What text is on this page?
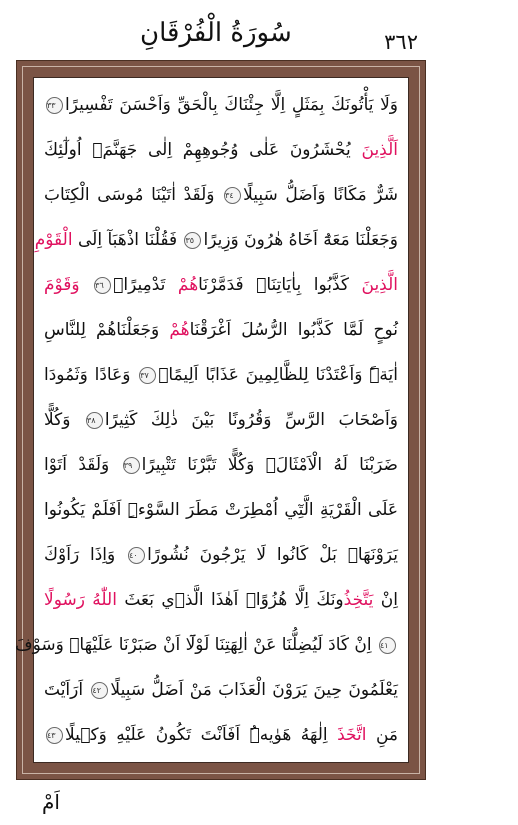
سُورَةُ الْفُرْقَانِ	٣٦٢
وَلَا يَأْتُونَكَ بِمَثَلٍ اِلَّا جِئْنَاكَ بِالْحَقِّ وَاَحْسَنَ تَفْسِيرًا٣٣
اَلَّذِينَ يُحْشَرُونَ عَلٰى وُجُوهِهِمْ اِلٰى جَهَنَّمَۙ اُولٰٓئِكَ
شَرٌّ مَكَانًا وَاَضَلُّ سَبِيلًا٣٤ وَلَقَدْ اٰتَيْنَا مُوسَى الْكِتَابَ
وَجَعَلْنَا مَعَهُٓ اَخَاهُ هٰرُونَ وَزِيرًا٣٥ فَقُلْنَا اذْهَبَآ اِلَى الْقَوْمِ
الَّذِينَ كَذَّبُوا بِاٰيَاتِنَاۜ فَدَمَّرْنَاهُمْ تَدْمِيرًاۜ٣٦ وَقَوْمَ
نُوحٍ لَمَّا كَذَّبُوا الرُّسُلَ اَغْرَقْنَاهُمْ وَجَعَلْنَاهُمْ لِلنَّاسِ
اٰيَةًۜ وَاَعْتَدْنَا لِلظَّالِمِينَ عَذَابًا اَلِيمًاۚ٣٧ وَعَادًا وَثَمُودَا
وَاَصْحَابَ الرَّسِّ وَقُرُونًا بَيْنَ ذٰلِكَ كَثِيرًا٣٨ وَكُلًّا
ضَرَبْنَا لَهُ الْاَمْثَالَۘ وَكُلًّا تَبَّرْنَا تَتْبِيرًا٣٩ وَلَقَدْ اَتَوْا
عَلَى الْقَرْيَةِ الَّتِٓي اُمْطِرَتْ مَطَرَ السَّوْءِۜ اَفَلَمْ يَكُونُوا
يَرَوْنَهَاۚ بَلْ كَانُوا لَا يَرْجُونَ نُشُورًا٤٠ وَاِذَا رَاَوْكَ
اِنْ يَتَّخِذُونَكَ اِلَّا هُزُوًاۜ اَهٰذَا الَّذ۪ي بَعَثَ اللّٰهُ رَسُولًا
٤١ اِنْ كَادَ لَيُضِلُّنَا عَنْ اٰلِهَتِنَا لَوْلَٓا اَنْ صَبَرْنَا عَلَيْهَاۜ وَسَوْفَ
يَعْلَمُونَ حِينَ يَرَوْنَ الْعَذَابَ مَنْ اَضَلُّ سَبِيلًا٤٢ اَرَاَيْتَ
مَنِ اتَّخَذَ اِلٰهَهُ هَوٰيهُۜ اَفَاَنْتَ تَكُونُ عَلَيْهِ وَك۪يلًا٤٣
اَمْ
